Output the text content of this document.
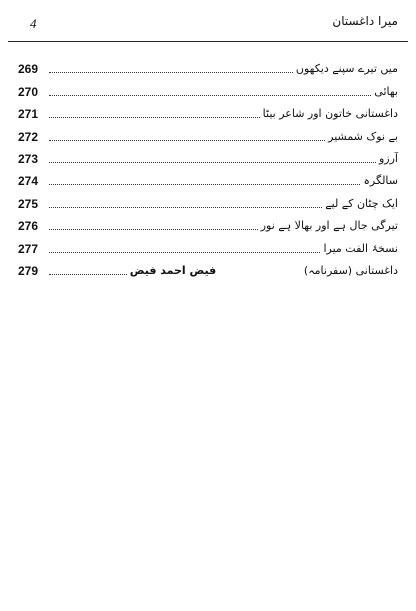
4	میرا داغستان
269	میں تیرے سپنے دیکھوں
270	بھائی
271	داغستانی خاتون اور شاعر بیٹا
272	بے نوک شمشیر
273	آرزو
274	سالگرہ
275	ایک چٹان کے لیے
276	تیرگی جال ہے اور بھالا ہے نور
277	نسخۂ الفت میرا
279	فیض احمد فیض	داغستانی (سفرنامہ)
